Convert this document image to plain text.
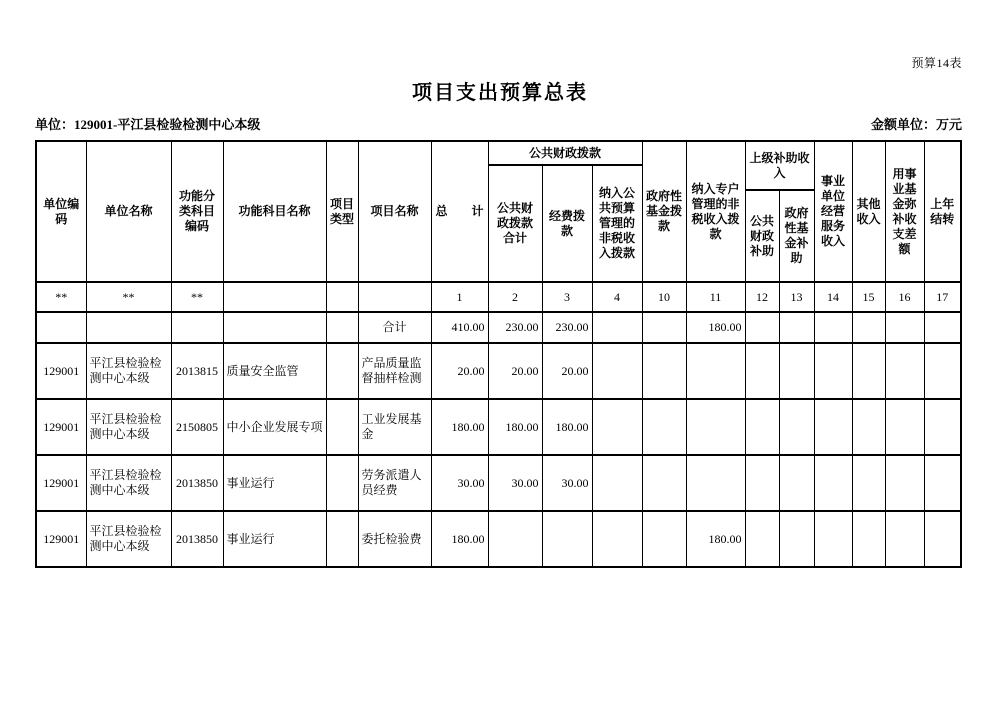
预算14表
项目支出预算总表
单位：129001-平江县检验检测中心本级	金额单位：万元
单位编码	单位名称	功能分类科目编码	功能科目名称	项目类型	项目名称	总　　计	公共财政拨款			政府性基金拨款	纳入专户管理的非税收入拨款	上级补助收入		事业单位经营服务收入	其他收入	用事业基金弥补收支差额	上年结转
							公共财政拨款合计	经费拨款	纳入公共预算管理的非税收入拨款								
												公共财政补助	政府性基金补助				
**	**	**				1	2	3	4	10	11	12	13	14	15	16	17
					合计	410.00	230.00	230.00			180.00						
129001	平江县检验检测中心本级	2013815	质量安全监管		产品质量监督抽样检测	20.00	20.00	20.00									
129001	平江县检验检测中心本级	2150805	中小企业发展专项		工业发展基金	180.00	180.00	180.00									
129001	平江县检验检测中心本级	2013850	事业运行		劳务派遣人员经费	30.00	30.00	30.00									
129001	平江县检验检测中心本级	2013850	事业运行		委托检验费	180.00					180.00						
